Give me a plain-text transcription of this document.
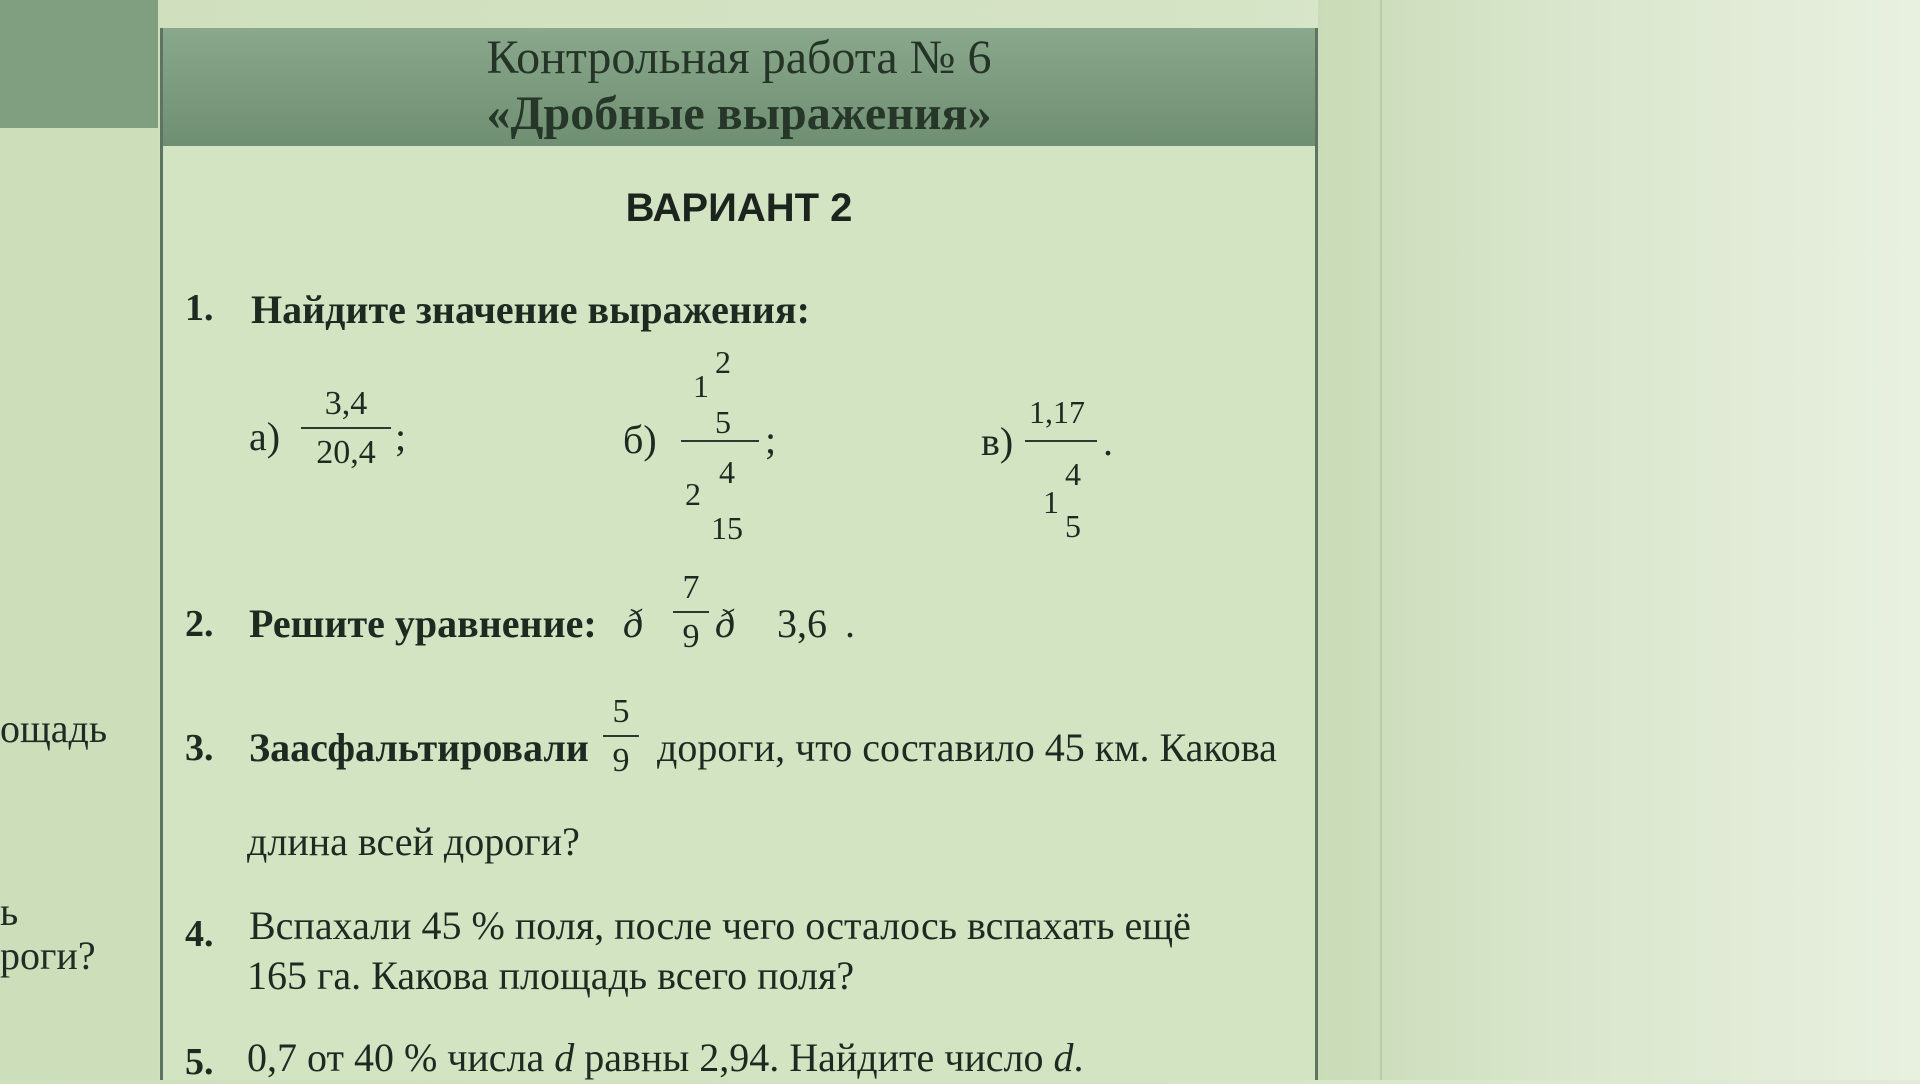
ощадь
ь
роги?
Контрольная работа № 6
«Дробные выражения»
ВАРИАНТ 2
1. Найдите значение выражения:
а)
3,4
20,4 ;	б)
1
2
5
4
2
15
;	в)
1,17
1
4
5
.
2. Решите уравнение: ð
7
9 ð 3,6 .
3. Заасфальтировали
5
9 дороги, что составило 45 км. Какова
длина всей дороги?
4. Вспахали 45 % поля, после чего осталось вспахать ещё
165 га. Какова площадь всего поля?
5. 0,7 от 40 % числа d равны 2,94. Найдите число d.
